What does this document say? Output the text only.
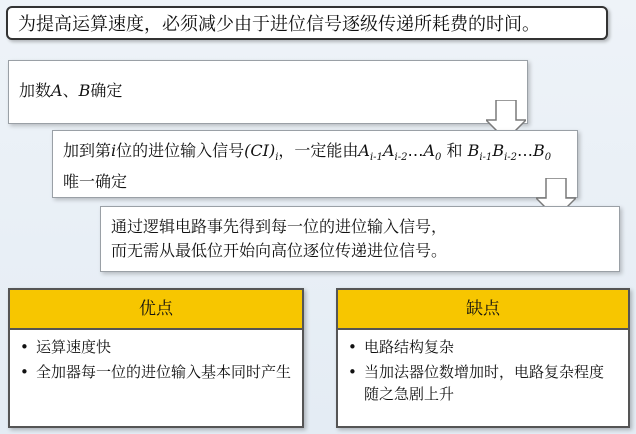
为提高运算速度，必须减少由于进位信号逐级传递所耗费的时间。
加数A、B确定
加到第i位的进位输入信号$(CI)_i$，一定能由$A_{i-1}A_{i-2}\dots A_0$ 和 $B_{i-1}B_{i-2}\dots B_0$ 唯一确定
通过逻辑电路事先得到每一位的进位输入信号，
而无需从最低位开始向高位逐位传递进位信号。
优点
• 运算速度快
• 全加器每一位的进位输入基本同时产生
缺点
• 电路结构复杂
• 当加法器位数增加时，电路复杂程度随之急剧上升
